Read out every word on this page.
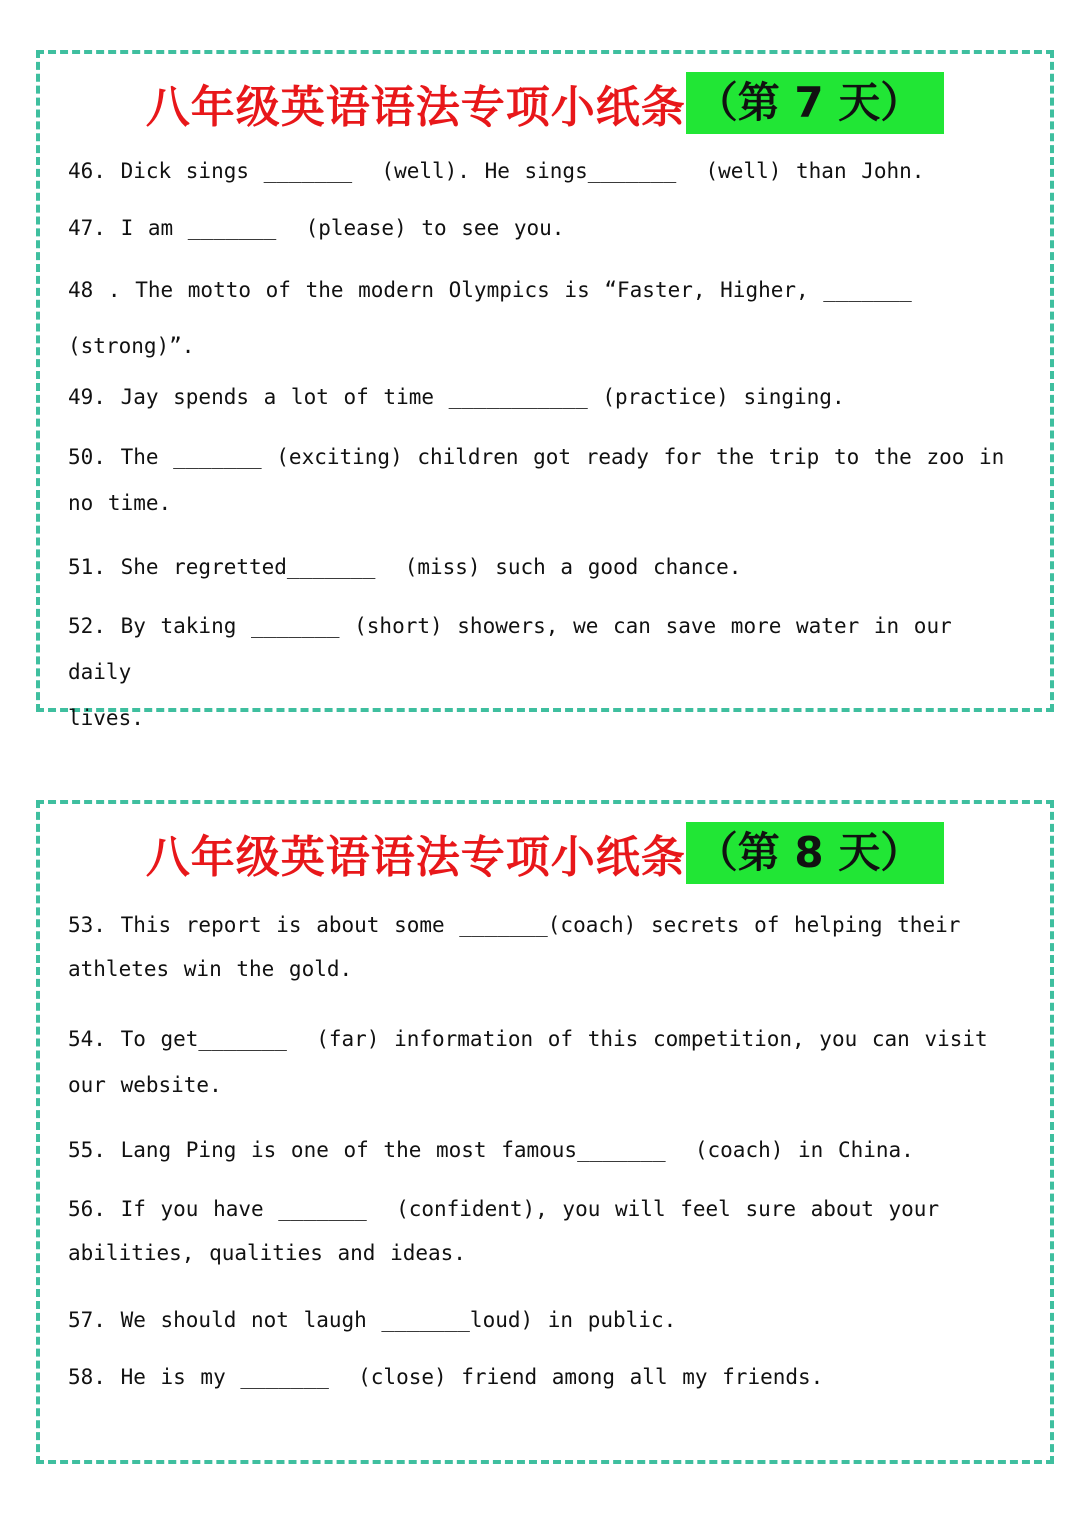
八年级英语语法专项小纸条 （第 7 天）
46. Dick sings _______  (well). He sings_______  (well) than John.
47. I am _______  (please) to see you.
48 . The motto of the modern Olympics is “Faster, Higher, _______
(strong)”.
49. Jay spends a lot of time ___________ (practice) singing.
50. The _______ (exciting) children got ready for the trip to the zoo in
no time.
51. She regretted_______  (miss) such a good chance.
52. By taking _______ (short) showers, we can save more water in our daily
lives.
八年级英语语法专项小纸条 （第 8 天）
53. This report is about some _______(coach) secrets of helping their
athletes win the gold.
54. To get_______  (far) information of this competition, you can visit
our website.
55. Lang Ping is one of the most famous_______  (coach) in China.
56. If you have _______  (confident), you will feel sure about your
abilities, qualities and ideas.
57. We should not laugh _______loud) in public.
58. He is my _______  (close) friend among all my friends.
